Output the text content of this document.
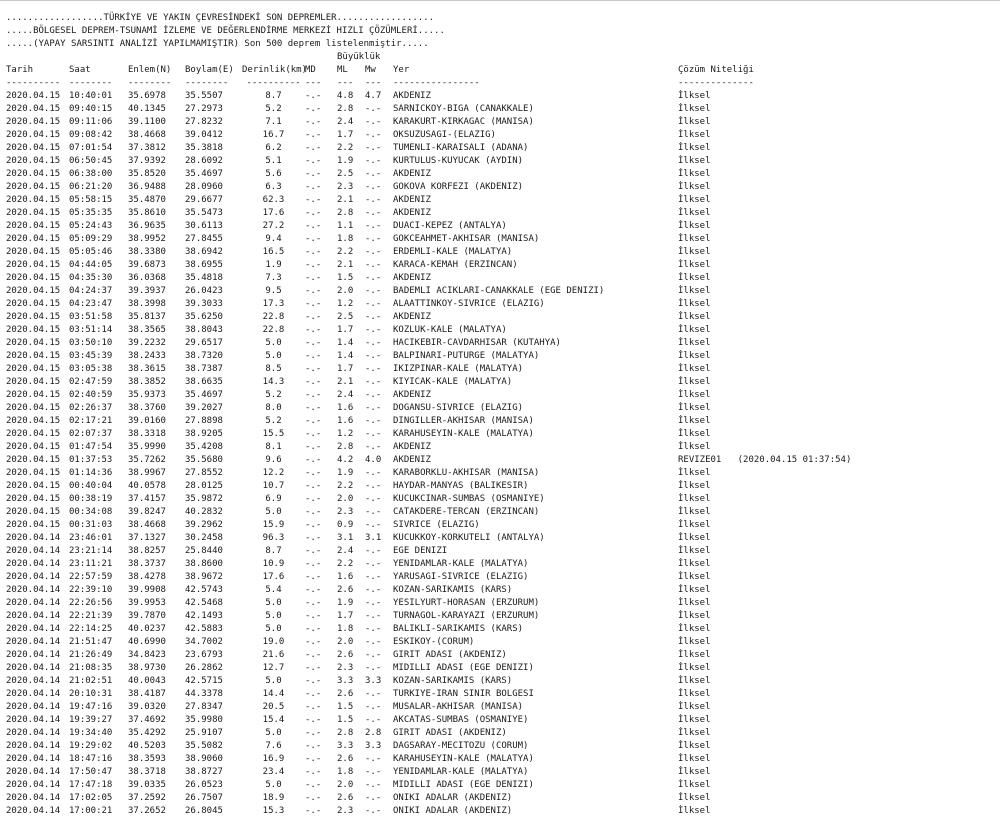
..................TÜRKİYE VE YAKIN ÇEVRESİNDEKİ SON DEPREMLER..................
.....BÖLGESEL DEPREM-TSUNAMİ İZLEME VE DEĞERLENDİRME MERKEZİ HIZLI ÇÖZÜMLERİ.....
.....(YAPAY SARSINTI ANALİZİ YAPILMAMIŞTIR) Son 500 deprem listelenmiştir.....
Büyüklük
Tarih	Saat	Enlem(N) Boylam(E) Derinlik(km)MD ML Mw Yer	Çözüm Niteliği
---------- -------- -------- -------- ---------- --- --- --- ----------------	--------------
2020.04.15 10:40:01 35.6978 35.5507	8.7	-.- 4.8 4.7 AKDENIZ	İlksel
2020.04.15 09:40:15 40.1345 27.2973	5.2	-.- 2.8 -.- SARNICKOY-BIGA (CANAKKALE)	İlksel
2020.04.15 09:11:06 39.1100 27.8232	7.1	-.- 2.4 -.- KARAKURT-KIRKAGAC (MANISA)	İlksel
2020.04.15 09:08:42 38.4668 39.0412	16.7 -.- 1.7 -.- OKSUZUSAGI-(ELAZIG)	İlksel
2020.04.15 07:01:54 37.3812 35.3818	6.2	-.- 2.2 -.- TUMENLI-KARAISALI (ADANA)	İlksel
2020.04.15 06:50:45 37.9392 28.6092	5.1	-.- 1.9 -.- KURTULUS-KUYUCAK (AYDIN)	İlksel
2020.04.15 06:38:00 35.8520 35.4697	5.6	-.- 2.5 -.- AKDENIZ	İlksel
2020.04.15 06:21:20 36.9488 28.0960	6.3	-.- 2.3 -.- GOKOVA KORFEZI (AKDENIZ)	İlksel
2020.04.15 05:58:15 35.4870 29.6677	62.3 -.- 2.1 -.- AKDENIZ	İlksel
2020.04.15 05:35:35 35.8610 35.5473	17.6 -.- 2.8 -.- AKDENIZ	İlksel
2020.04.15 05:24:43 36.9635 30.6113	27.2 -.- 1.1 -.- DUACI-KEPEZ (ANTALYA)	İlksel
2020.04.15 05:09:29 38.9952 27.8455	9.4	-.- 1.8 -.- GOKCEAHMET-AKHISAR (MANISA)	İlksel
2020.04.15 05:05:46 38.3380 38.6942	16.5 -.- 2.2 -.- ERDEMLI-KALE (MALATYA)	İlksel
2020.04.15 04:44:05 39.6873 38.6955	1.9	-.- 2.1 -.- KARACA-KEMAH (ERZINCAN)	İlksel
2020.04.15 04:35:30 36.0368 35.4818	7.3	-.- 1.5 -.- AKDENIZ	İlksel
2020.04.15 04:24:37 39.3937 26.0423	9.5	-.- 2.0 -.- BADEMLI ACIKLARI-CANAKKALE (EGE DENIZI)	İlksel
2020.04.15 04:23:47 38.3998 39.3033	17.3 -.- 1.2 -.- ALAATTINKOY-SIVRICE (ELAZIG)	İlksel
2020.04.15 03:51:58 35.8137 35.6250	22.8 -.- 2.5 -.- AKDENIZ	İlksel
2020.04.15 03:51:14 38.3565 38.8043	22.8 -.- 1.7 -.- KOZLUK-KALE (MALATYA)	İlksel
2020.04.15 03:50:10 39.2232 29.6517	5.0	-.- 1.4 -.- HACIKEBIR-CAVDARHISAR (KUTAHYA)	İlksel
2020.04.15 03:45:39 38.2433 38.7320	5.0	-.- 1.4 -.- BALPINARI-PUTURGE (MALATYA)	İlksel
2020.04.15 03:05:38 38.3615 38.7387	8.5	-.- 1.7 -.- IKIZPINAR-KALE (MALATYA)	İlksel
2020.04.15 02:47:59 38.3852 38.6635	14.3 -.- 2.1 -.- KIYICAK-KALE (MALATYA)	İlksel
2020.04.15 02:40:59 35.9373 35.4697	5.2	-.- 2.4 -.- AKDENIZ	İlksel
2020.04.15 02:26:37 38.3760 39.2027	8.0	-.- 1.6 -.- DOGANSU-SIVRICE (ELAZIG)	İlksel
2020.04.15 02:17:21 39.0160 27.8898	5.2	-.- 1.6 -.- DINGILLER-AKHISAR (MANISA)	İlksel
2020.04.15 02:07:37 38.3318 38.9205	15.5 -.- 1.2 -.- KARAHUSEYIN-KALE (MALATYA)	İlksel
2020.04.15 01:47:54 35.9990 35.4208	8.1	-.- 2.8 -.- AKDENIZ	İlksel
2020.04.15 01:37:53 35.7262 35.5680	9.6	-.- 4.2 4.0 AKDENIZ	REVIZE01   (2020.04.15 01:37:54)
2020.04.15 01:14:36 38.9967 27.8552	12.2 -.- 1.9 -.- KARABORKLU-AKHISAR (MANISA)	İlksel
2020.04.15 00:40:04 40.0578 28.0125	10.7 -.- 2.2 -.- HAYDAR-MANYAS (BALIKESIR)	İlksel
2020.04.15 00:38:19 37.4157 35.9872	6.9	-.- 2.0 -.- KUCUKCINAR-SUMBAS (OSMANIYE)	İlksel
2020.04.15 00:34:08 39.8247 40.2832	5.0	-.- 2.3 -.- CATAKDERE-TERCAN (ERZINCAN)	İlksel
2020.04.15 00:31:03 38.4668 39.2962	15.9 -.- 0.9 -.- SIVRICE (ELAZIG)	İlksel
2020.04.14 23:46:01 37.1327 30.2458	96.3 -.- 3.1 3.1 KUCUKKOY-KORKUTELI (ANTALYA)	İlksel
2020.04.14 23:21:14 38.8257 25.8440	8.7	-.- 2.4 -.- EGE DENIZI	İlksel
2020.04.14 23:11:21 38.3737 38.8600	10.9 -.- 2.2 -.- YENIDAMLAR-KALE (MALATYA)	İlksel
2020.04.14 22:57:59 38.4278 38.9672	17.6 -.- 1.6 -.- YARUSAGI-SIVRICE (ELAZIG)	İlksel
2020.04.14 22:39:10 39.9908 42.5743	5.4	-.- 2.6 -.- KOZAN-SARIKAMIS (KARS)	İlksel
2020.04.14 22:26:56 39.9953 42.5468	5.0	-.- 1.9 -.- YESILYURT-HORASAN (ERZURUM)	İlksel
2020.04.14 22:21:39 39.7870 42.1493	5.0	-.- 1.7 -.- TURNAGOL-KARAYAZI (ERZURUM)	İlksel
2020.04.14 22:14:25 40.0237 42.5883	5.0	-.- 1.8 -.- BALIKLI-SARIKAMIS (KARS)	İlksel
2020.04.14 21:51:47 40.6990 34.7002	19.0 -.- 2.0 -.- ESKIKOY-(CORUM)	İlksel
2020.04.14 21:26:49 34.8423 23.6793	21.6 -.- 2.6 -.- GIRIT ADASI (AKDENIZ)	İlksel
2020.04.14 21:08:35 38.9730 26.2862	12.7 -.- 2.3 -.- MIDILLI ADASI (EGE DENIZI)	İlksel
2020.04.14 21:02:51 40.0043 42.5715	5.0	-.- 3.3 3.3 KOZAN-SARIKAMIS (KARS)	İlksel
2020.04.14 20:10:31 38.4187 44.3378	14.4 -.- 2.6 -.- TURKIYE-IRAN SINIR BOLGESI	İlksel
2020.04.14 19:47:16 39.0320 27.8347	20.5 -.- 1.5 -.- MUSALAR-AKHISAR (MANISA)	İlksel
2020.04.14 19:39:27 37.4692 35.9980	15.4 -.- 1.5 -.- AKCATAS-SUMBAS (OSMANIYE)	İlksel
2020.04.14 19:34:40 35.4292 25.9107	5.0	-.- 2.8 2.8 GIRIT ADASI (AKDENIZ)	İlksel
2020.04.14 19:29:02 40.5203 35.5082	7.6	-.- 3.3 3.3 DAGSARAY-MECITOZU (CORUM)	İlksel
2020.04.14 18:47:16 38.3593 38.9060	16.9 -.- 2.6 -.- KARAHUSEYIN-KALE (MALATYA)	İlksel
2020.04.14 17:50:47 38.3718 38.8727	23.4 -.- 1.8 -.- YENIDAMLAR-KALE (MALATYA)	İlksel
2020.04.14 17:47:18 39.0335 26.0523	5.0	-.- 2.0 -.- MIDILLI ADASI (EGE DENIZI)	İlksel
2020.04.14 17:02:05 37.2592 26.7507	18.9 -.- 2.6 -.- ONIKI ADALAR (AKDENIZ)	İlksel
2020.04.14 17:00:21 37.2652 26.8045	15.3 -.- 2.3 -.- ONIKI ADALAR (AKDENIZ)	İlksel
